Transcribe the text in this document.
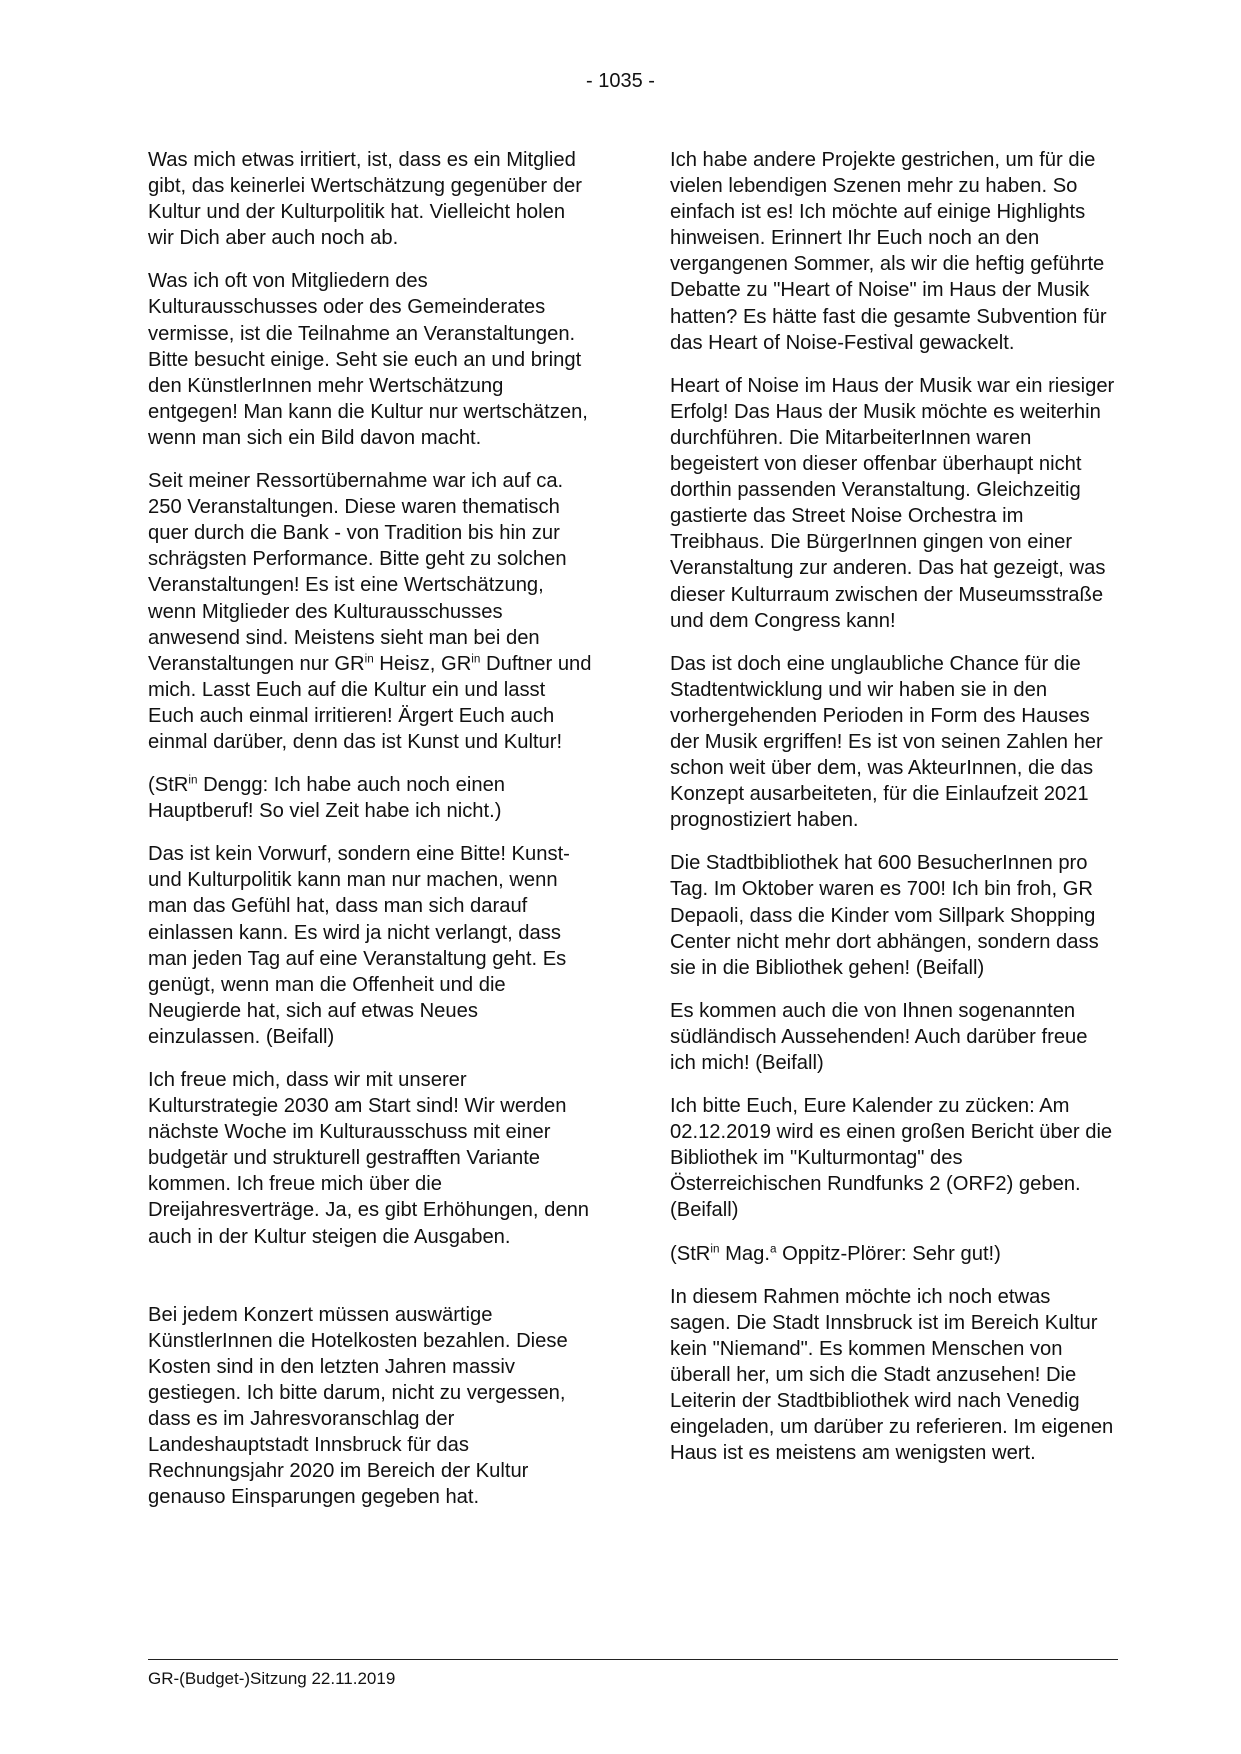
- 1035 -

Was mich etwas irritiert, ist, dass es ein Mitglied gibt, das keinerlei Wertschätzung gegenüber der Kultur und der Kulturpolitik hat. Vielleicht holen wir Dich aber auch noch ab.

Was ich oft von Mitgliedern des Kulturausschusses oder des Gemeinderates vermisse, ist die Teilnahme an Veranstaltungen. Bitte besucht einige. Seht sie euch an und bringt den KünstlerInnen mehr Wertschätzung entgegen! Man kann die Kultur nur wertschätzen, wenn man sich ein Bild davon macht.

Seit meiner Ressortübernahme war ich auf ca. 250 Veranstaltungen. Diese waren thematisch quer durch die Bank - von Tradition bis hin zur schrägsten Performance. Bitte geht zu solchen Veranstaltungen! Es ist eine Wertschätzung, wenn Mitglieder des Kulturausschusses anwesend sind. Meistens sieht man bei den Veranstaltungen nur $GR^{in}$ Heisz, $GR^{in}$ Duftner und mich. Lasst Euch auf die Kultur ein und lasst Euch auch einmal irritieren! Ärgert Euch auch einmal darüber, denn das ist Kunst und Kultur!

(StR$^{in}$ Dengg: Ich habe auch noch einen Hauptberuf! So viel Zeit habe ich nicht.)

Das ist kein Vorwurf, sondern eine Bitte! Kunst- und Kulturpolitik kann man nur machen, wenn man das Gefühl hat, dass man sich darauf einlassen kann. Es wird ja nicht verlangt, dass man jeden Tag auf eine Veranstaltung geht. Es genügt, wenn man die Offenheit und die Neugierde hat, sich auf etwas Neues einzulassen. (Beifall)

Ich freue mich, dass wir mit unserer Kulturstrategie 2030 am Start sind! Wir werden nächste Woche im Kulturausschuss mit einer budgetär und strukturell gestrafften Variante kommen. Ich freue mich über die Dreijahresverträge. Ja, es gibt Erhöhungen, denn auch in der Kultur steigen die Ausgaben.

Bei jedem Konzert müssen auswärtige KünstlerInnen die Hotelkosten bezahlen. Diese Kosten sind in den letzten Jahren massiv gestiegen. Ich bitte darum, nicht zu vergessen, dass es im Jahresvoranschlag der Landeshauptstadt Innsbruck für das Rechnungsjahr 2020 im Bereich der Kultur genauso Einsparungen gegeben hat.

Ich habe andere Projekte gestrichen, um für die vielen lebendigen Szenen mehr zu haben. So einfach ist es! Ich möchte auf einige Highlights hinweisen. Erinnert Ihr Euch noch an den vergangenen Sommer, als wir die heftig geführte Debatte zu "Heart of Noise" im Haus der Musik hatten? Es hätte fast die gesamte Subvention für das Heart of Noise-Festival gewackelt.

Heart of Noise im Haus der Musik war ein riesiger Erfolg! Das Haus der Musik möchte es weiterhin durchführen. Die MitarbeiterInnen waren begeistert von dieser offenbar überhaupt nicht dorthin passenden Veranstaltung. Gleichzeitig gastierte das Street Noise Orchestra im Treibhaus. Die BürgerInnen gingen von einer Veranstaltung zur anderen. Das hat gezeigt, was dieser Kulturraum zwischen der Museumsstraße und dem Congress kann!

Das ist doch eine unglaubliche Chance für die Stadtentwicklung und wir haben sie in den vorhergehenden Perioden in Form des Hauses der Musik ergriffen! Es ist von seinen Zahlen her schon weit über dem, was AkteurInnen, die das Konzept ausarbeiteten, für die Einlaufzeit 2021 prognostiziert haben.

Die Stadtbibliothek hat 600 BesucherInnen pro Tag. Im Oktober waren es 700! Ich bin froh, GR Depaoli, dass die Kinder vom Sillpark Shopping Center nicht mehr dort abhängen, sondern dass sie in die Bibliothek gehen! (Beifall)

Es kommen auch die von Ihnen sogenannten südländisch Aussehenden! Auch darüber freue ich mich! (Beifall)

Ich bitte Euch, Eure Kalender zu zücken: Am 02.12.2019 wird es einen großen Bericht über die Bibliothek im "Kulturmontag" des Österreichischen Rundfunks 2 (ORF2) geben. (Beifall)

(StR$^{in}$ Mag.$^a$ Oppitz-Plörer: Sehr gut!)

In diesem Rahmen möchte ich noch etwas sagen. Die Stadt Innsbruck ist im Bereich Kultur kein "Niemand". Es kommen Menschen von überall her, um sich die Stadt anzusehen! Die Leiterin der Stadtbibliothek wird nach Venedig eingeladen, um darüber zu referieren. Im eigenen Haus ist es meistens am wenigsten wert.

GR-(Budget-)Sitzung 22.11.2019
